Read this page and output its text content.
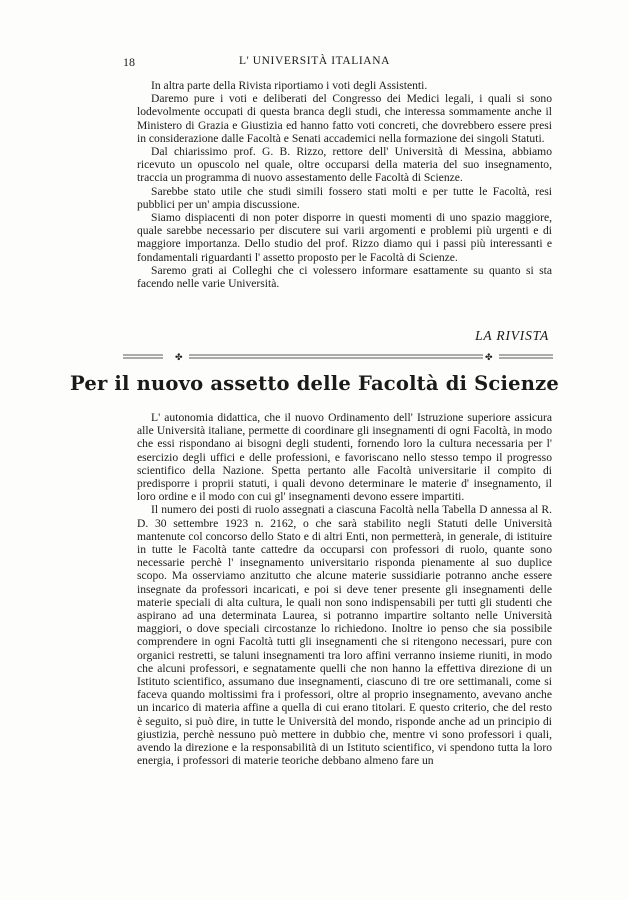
18	L' UNIVERSITÀ ITALIANA

In altra parte della Rivista riportiamo i voti degli Assistenti.

Daremo pure i voti e deliberati del Congresso dei Medici legali, i quali si sono lodevolmente occupati di questa branca degli studi, che interessa sommamente anche il Ministero di Grazia e Giustizia ed hanno fatto voti concreti, che dovrebbero essere presi in considerazione dalle Facoltà e Senati accademici nella formazione dei singoli Statuti.

Dal chiarissimo prof. G. B. Rizzo, rettore dell' Università di Messina, abbiamo ricevuto un opuscolo nel quale, oltre occuparsi della materia del suo insegnamento, traccia un programma di nuovo assestamento delle Facoltà di Scienze.

Sarebbe stato utile che studi simili fossero stati molti e per tutte le Facoltà, resi pubblici per un' ampia discussione.

Siamo dispiacenti di non poter disporre in questi momenti di uno spazio maggiore, quale sarebbe necessario per discutere sui varii argomenti e problemi più urgenti e di maggiore importanza. Dello studio del prof. Rizzo diamo qui i passi più interessanti e fondamentali riguardanti l' assetto proposto per le Facoltà di Scienze.

Saremo grati ai Colleghi che ci volessero informare esattamente su quanto si sta facendo nelle varie Università.

LA RIVISTA
✤	✤
Per il nuovo assetto delle Facoltà di Scienze

L' autonomia didattica, che il nuovo Ordinamento dell' Istruzione superiore assicura alle Università italiane, permette di coordinare gli insegnamenti di ogni Facoltà, in modo che essi rispondano ai bisogni degli studenti, fornendo loro la cultura necessaria per l' esercizio degli uffici e delle professioni, e favoriscano nello stesso tempo il progresso scientifico della Nazione. Spetta pertanto alle Facoltà universitarie il compito di predisporre i proprii statuti, i quali devono determinare le materie d' insegnamento, il loro ordine e il modo con cui gl' insegnamenti devono essere impartiti.

Il numero dei posti di ruolo assegnati a ciascuna Facoltà nella Tabella D annessa al R. D. 30 settembre 1923 n. 2162, o che sarà stabilito negli Statuti delle Università mantenute col concorso dello Stato e di altri Enti, non permetterà, in generale, di istituire in tutte le Facoltà tante cattedre da occuparsi con professori di ruolo, quante sono necessarie perchè l' insegnamento universitario risponda pienamente al suo duplice scopo. Ma osserviamo anzitutto che alcune materie sussidiarie potranno anche essere insegnate da professori incaricati, e poi si deve tener presente gli insegnamenti delle materie speciali di alta cultura, le quali non sono indispensabili per tutti gli studenti che aspirano ad una determinata Laurea, si potranno impartire soltanto nelle Università maggiori, o dove speciali circostanze lo richiedono. Inoltre io penso che sia possibile comprendere in ogni Facoltà tutti gli insegnamenti che si ritengono necessari, pure con organici restretti, se taluni insegnamenti tra loro affini verranno insieme riuniti, in modo che alcuni professori, e segnatamente quelli che non hanno la effettiva direzione di un Istituto scientifico, assumano due insegnamenti, ciascuno di tre ore settimanali, come si faceva quando moltissimi fra i professori, oltre al proprio insegnamento, avevano anche un incarico di materia affine a quella di cui erano titolari. E questo criterio, che del resto è seguito, si può dire, in tutte le Università del mondo, risponde anche ad un principio di giustizia, perchè nessuno può mettere in dubbio che, mentre vi sono professori i quali, avendo la direzione e la responsabilità di un Istituto scientifico, vi spendono tutta la loro energia, i professori di materie teoriche debbano almeno fare un
